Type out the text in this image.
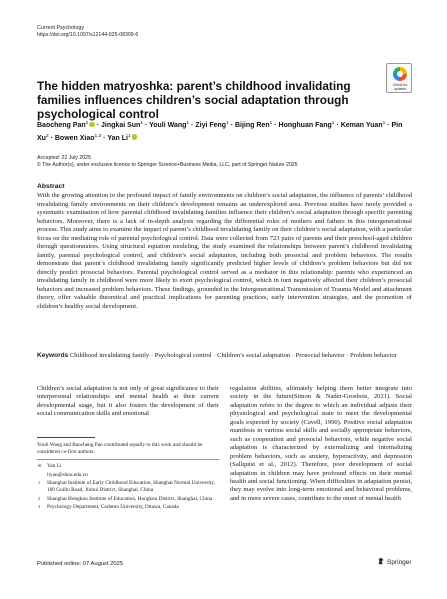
Current Psychology
https://doi.org/10.1007/s12144-025-08309-6
Check for
updates
The hidden matryoshka: parent’s childhood invalidating families influences children’s social adaptation through psychological control
Baocheng Pan$^1$ · Jingkai Sun$^1$ · Youli Wang$^1$ · Ziyi Feng$^1$ · Bijing Ren$^1$ · Honghuan Fang$^1$ · Keman Yuan$^1$ · Pin $Xu^2$ · Bowen Xiao$^{1,3}$ · Yan Li$^1$
Accepted: 22 July 2025
© The Author(s), under exclusive licence to Springer Science+Business Media, LLC, part of Springer Nature 2025
Abstract
With the growing attention to the profound impact of family environments on children’s social adaptation, the influence of parents’ childhood invalidating family environments on their children’s development remains an underexplored area. Previous studies have rarely provided a systematic examination of how parental childhood invalidating families influence their children’s social adaptation through specific parenting behaviors. Moreover, there is a lack of in-depth analysis regarding the differential roles of mothers and fathers in this intergenerational process. This study aims to examine the impact of parent’s childhood invalidating family on their children’s social adaptation, with a particular focus on the mediating role of parental psychological control. Data were collected from 723 pairs of parents and their preschool-aged children through questionnaires. Using structural equation modeling, the study examined the relationships between parent’s childhood invalidating family, parental psychological control, and children’s social adaptation, including both prosocial and problem behaviors. The results demonstrate that parent’s childhood invalidating family significantly predicted higher levels of children’s problem behaviors but did not directly predict prosocial behaviors. Parental psychological control served as a mediator in this relationship: parents who experienced an invalidating family in childhood were more likely to exert psychological control, which in turn negatively affected their children’s prosocial behaviors and increased problem behaviors. These findings, grounded in the Intergenerational Transmission of Trauma Model and attachment theory, offer valuable theoretical and practical implications for parenting practices, early intervention strategies, and the promotion of children’s healthy social development.
Keywords Childhood invalidating family · Psychological control · Children’s social adaptation · Prosocial behavior · Problem behavior
Children’s social adaptation is not only of great significance to their interpersonal relationships and mental health at their current developmental stage, but it also fosters the development of their social communication skills and emotional
regulation abilities, ultimately helping them better integrate into society in the future(Simon & Nader-Grosbois, 2021). Social adaptation refers to the degree to which an individual adjusts their physiological and psychological state to meet the developmental goals expected by society (Cavell, 1990). Positive social adaptation manifests in various social skills and socially appropriate behaviors, such as cooperation and prosocial behaviors, while negative social adaptation is characterized by externalizing and internalizing problem behaviors, such as anxiety, hyperactivity, and depression (Sallquist et al., 2012). Therefore, poor development of social adaptation in children may have profound effects on their mental health and social functioning. When difficulties in adaptation persist, they may evolve into long-term emotional and behavioral problems, and in more severe cases, contribute to the onset of mental health
Youli Wang and Baocheng Pan contributed equally to this work and should be considered co-first authors.
✉ Yan Li
liyan@shnu.edu.cn
1 Shanghai Institute of Early Childhood Education, Shanghai Normal University, 100 Guilin Road, Xuhui District, Shanghai, China
2 Shanghai Hongkou Institute of Education, Hongkou District, Shanghai, China
3 Psychology Department, Carleton University, Ottawa, Canada
Published online: 07 August 2025	Springer
